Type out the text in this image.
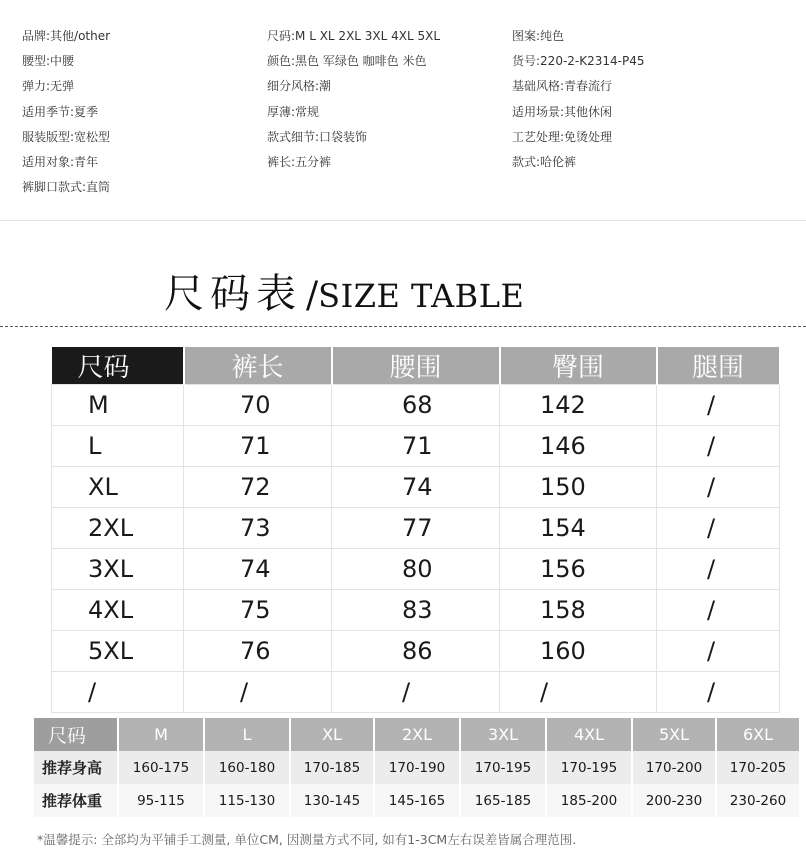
品牌:其他/other
腰型:中腰
弹力:无弹
适用季节:夏季
服装版型:宽松型
适用对象:青年
裤脚口款式:直筒
尺码:M L XL 2XL 3XL 4XL 5XL
颜色:黑色 军绿色 咖啡色 米色
细分风格:潮
厚薄:常规
款式细节:口袋装饰
裤长:五分裤
图案:纯色
货号:220-2-K2314-P45
基础风格:青春流行
适用场景:其他休闲
工艺处理:免烫处理
款式:哈伦裤
尺码表 /SIZE TABLE
尺码	裤长	腰围	臀围	腿围
M	70	68	142	/
L	71	71	146	/
XL	72	74	150	/
2XL	73	77	154	/
3XL	74	80	156	/
4XL	75	83	158	/
5XL	76	86	160	/
/	/	/	/	/
尺码	M	L	XL	2XL	3XL	4XL	5XL	6XL
推荐身高	160-175	160-180	170-185	170-190	170-195	170-195	170-200	170-205
推荐体重	95-115	115-130	130-145	145-165	165-185	185-200	200-230	230-260
*温馨提示: 全部均为平铺手工测量, 单位CM, 因测量方式不同, 如有1-3CM左右误差皆属合理范围.
